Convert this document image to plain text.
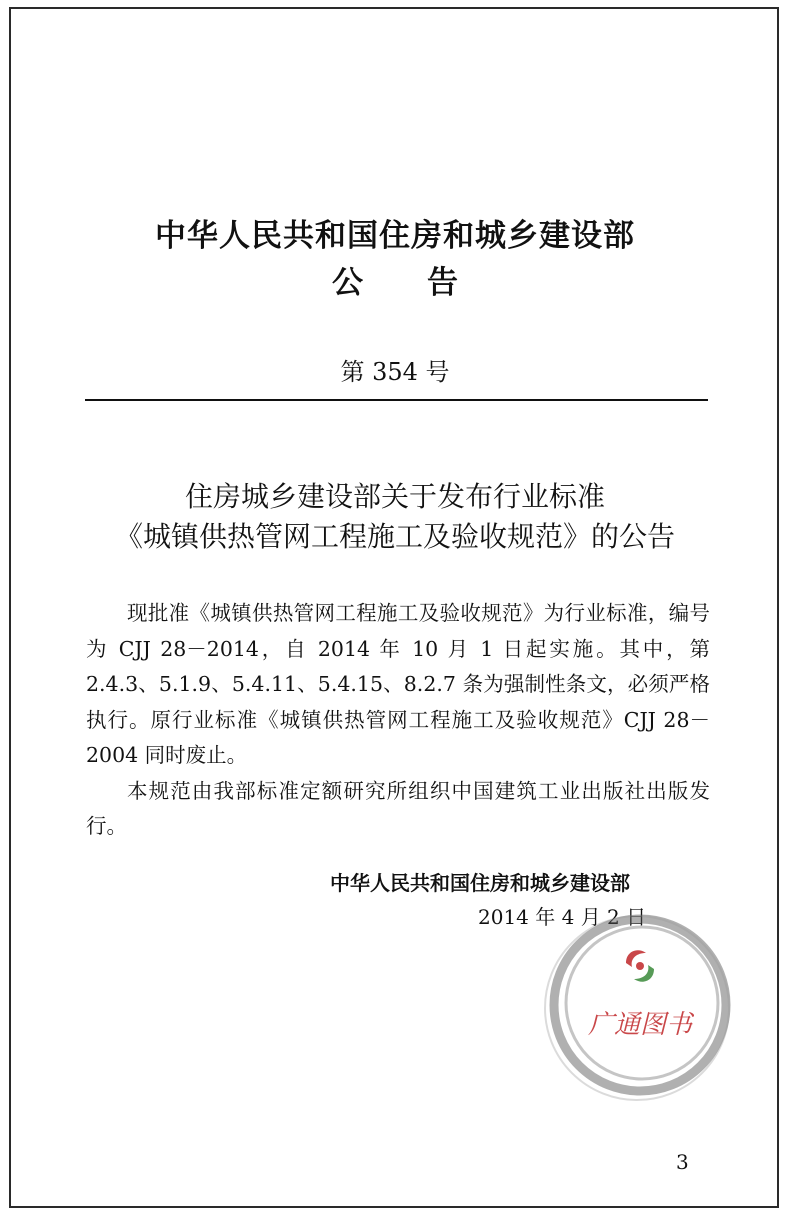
中华人民共和国住房和城乡建设部
公告

第 354 号

住房城乡建设部关于发布行业标准
《城镇供热管网工程施工及验收规范》的公告

现批准《城镇供热管网工程施工及验收规范》为行业标准，编号为 CJJ 28－2014，自 2014 年 10 月 1 日起实施。其中，第 2.4.3、5.1.9、5.4.11、5.4.15、8.2.7 条为强制性条文，必须严格执行。原行业标准《城镇供热管网工程施工及验收规范》CJJ 28－2004 同时废止。

本规范由我部标准定额研究所组织中国建筑工业出版社出版发行。

中华人民共和国住房和城乡建设部

2014 年 4 月 2 日

广通图书

3
